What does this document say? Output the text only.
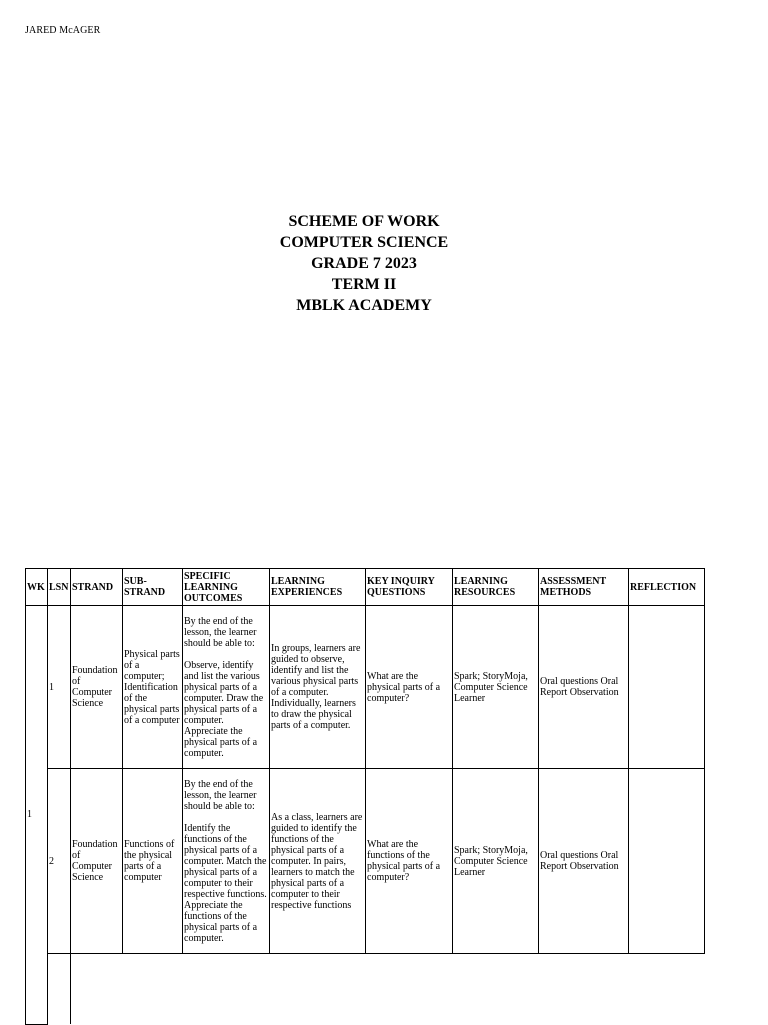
JARED McAGER
SCHEME OF WORK
COMPUTER SCIENCE
GRADE 7 2023
TERM II
MBLK ACADEMY
WK	LSN	STRAND	SUB-STRAND	SPECIFIC LEARNING OUTCOMES	LEARNING EXPERIENCES	KEY INQUIRY QUESTIONS	LEARNING RESOURCES	ASSESSMENT METHODS	REFLECTION
1	1	Foundation of Computer Science	Physical parts of a computer; Identification of the physical parts of a computer	By the end of the lesson, the learner should be able to:
Observe, identify and list the various physical parts of a computer. Draw the physical parts of a computer. Appreciate the physical parts of a computer.	In groups, learners are guided to observe, identify and list the various physical parts of a computer. Individually, learners to draw the physical parts of a computer.	What are the physical parts of a computer?	Spark; StoryMoja, Computer Science Learner	Oral questions Oral Report Observation	
	2	Foundation of Computer Science	Functions of the physical parts of a computer	By the end of the lesson, the learner should be able to:
Identify the functions of the physical parts of a computer. Match the physical parts of a computer to their respective functions. Appreciate the functions of the physical parts of a computer.	As a class, learners are guided to identify the functions of the physical parts of a computer. In pairs, learners to match the physical parts of a computer to their respective functions	What are the functions of the physical parts of a computer?	Spark; StoryMoja, Computer Science Learner	Oral questions Oral Report Observation	
